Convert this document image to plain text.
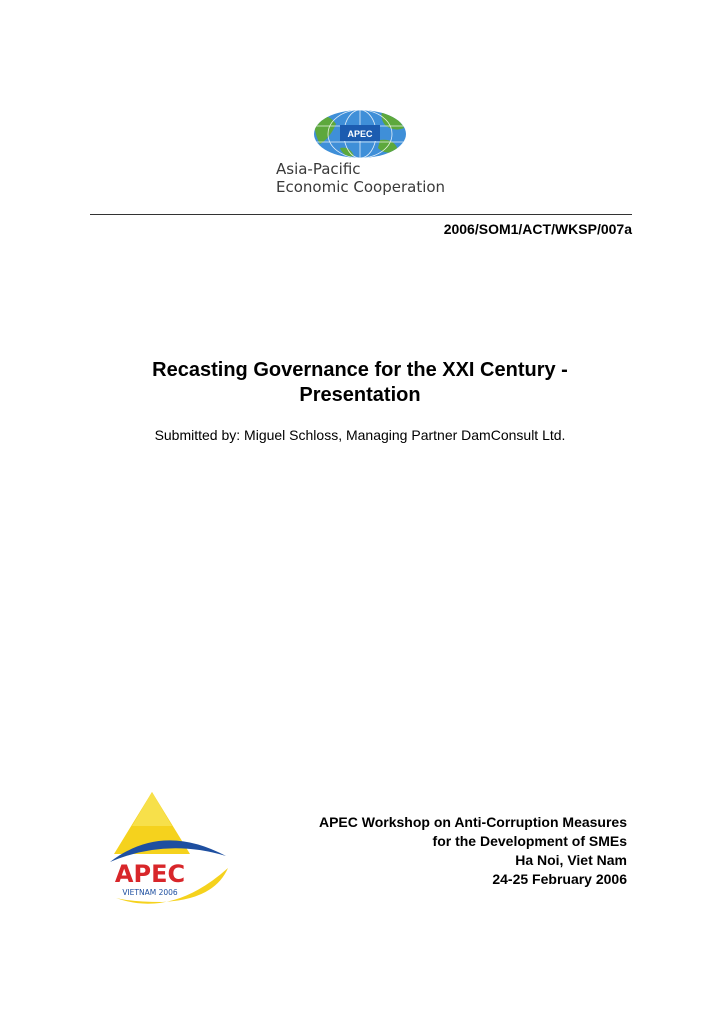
APEC
Asia-Pacific
Economic Cooperation
2006/SOM1/ACT/WKSP/007a
Recasting Governance for the XXI Century -
Presentation
Submitted by: Miguel Schloss, Managing Partner DamConsult Ltd.
APEC
VIETNAM 2006
APEC Workshop on Anti-Corruption Measures
for the Development of SMEs
Ha Noi, Viet Nam
24-25 February 2006
